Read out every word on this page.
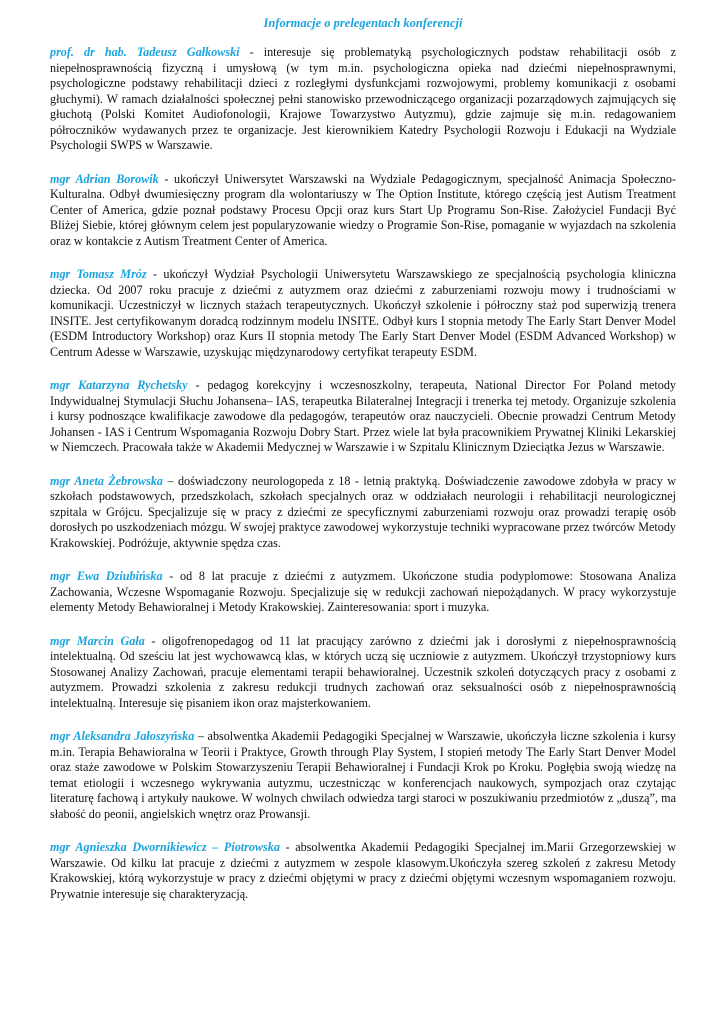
Informacje o prelegentach konferencji

prof. dr hab. Tadeusz Gałkowski - interesuje się problematyką psychologicznych podstaw rehabilitacji osób z niepełnosprawnością fizyczną i umysłową (w tym m.in. psychologiczna opieka nad dziećmi niepełnosprawnymi, psychologiczne podstawy rehabilitacji dzieci z rozległymi dysfunkcjami rozwojowymi, problemy komunikacji z osobami głuchymi). W ramach działalności społecznej pełni stanowisko przewodniczącego organizacji pozarządowych zajmujących się głuchotą (Polski Komitet Audiofonologii, Krajowe Towarzystwo Autyzmu), gdzie zajmuje się m.in. redagowaniem półroczników wydawanych przez te organizacje. Jest kierownikiem Katedry Psychologii Rozwoju i Edukacji na Wydziale Psychologii SWPS w Warszawie.

mgr Adrian Borowik - ukończył Uniwersytet Warszawski na Wydziale Pedagogicznym, specjalność Animacja Społeczno-Kulturalna. Odbył dwumiesięczny program dla wolontariuszy w The Option Institute, którego częścią jest Autism Treatment Center of America, gdzie poznał podstawy Procesu Opcji oraz kurs Start Up Programu Son-Rise. Założyciel Fundacji Być Bliżej Siebie, której głównym celem jest popularyzowanie wiedzy o Programie Son-Rise, pomaganie w wyjazdach na szkolenia oraz w kontakcie z Autism Treatment Center of America.

mgr Tomasz Mróz - ukończył Wydział Psychologii Uniwersytetu Warszawskiego ze specjalnością psychologia kliniczna dziecka. Od 2007 roku pracuje z dziećmi z autyzmem oraz dziećmi z zaburzeniami rozwoju mowy i trudnościami w komunikacji. Uczestniczył w licznych stażach terapeutycznych. Ukończył szkolenie i półroczny staż pod superwizją trenera INSITE. Jest certyfikowanym doradcą rodzinnym modelu INSITE. Odbył kurs I stopnia metody The Early Start Denver Model (ESDM Introductory Workshop) oraz Kurs II stopnia metody The Early Start Denver Model (ESDM Advanced Workshop) w Centrum Adesse w Warszawie, uzyskując międzynarodowy certyfikat terapeuty ESDM.

mgr Katarzyna Rychetsky - pedagog korekcyjny i wczesnoszkolny, terapeuta, National Director For Poland metody Indywidualnej Stymulacji Słuchu Johansena– IAS, terapeutka Bilateralnej Integracji i trenerka tej metody. Organizuje szkolenia i kursy podnoszące kwalifikacje zawodowe dla pedagogów, terapeutów oraz nauczycieli. Obecnie prowadzi Centrum Metody Johansen - IAS i Centrum Wspomagania Rozwoju Dobry Start. Przez wiele lat była pracownikiem Prywatnej Kliniki Lekarskiej w Niemczech. Pracowała także w Akademii Medycznej w Warszawie i w Szpitalu Klinicznym Dzieciątka Jezus w Warszawie.

mgr Aneta Żebrowska – doświadczony neurologopeda z 18 - letnią praktyką. Doświadczenie zawodowe zdobyła w pracy w szkołach podstawowych, przedszkolach, szkołach specjalnych oraz w oddziałach neurologii i rehabilitacji neurologicznej szpitala w Grójcu. Specjalizuje się w pracy z dziećmi ze specyficznymi zaburzeniami rozwoju oraz prowadzi terapię osób dorosłych po uszkodzeniach mózgu. W swojej praktyce zawodowej wykorzystuje techniki wypracowane przez twórców Metody Krakowskiej. Podróżuje, aktywnie spędza czas.

mgr Ewa Dziubińska - od 8 lat pracuje z dziećmi z autyzmem. Ukończone studia podyplomowe: Stosowana Analiza Zachowania, Wczesne Wspomaganie Rozwoju. Specjalizuje się w redukcji zachowań niepożądanych. W pracy wykorzystuje elementy Metody Behawioralnej i Metody Krakowskiej. Zainteresowania: sport i muzyka.

mgr Marcin Gała - oligofrenopedagog od 11 lat pracujący zarówno z dziećmi jak i dorosłymi z niepełnosprawnością intelektualną. Od sześciu lat jest wychowawcą klas, w których uczą się uczniowie z autyzmem. Ukończył trzystopniowy kurs Stosowanej Analizy Zachowań, pracuje elementami terapii behawioralnej. Uczestnik szkoleń dotyczących pracy z osobami z autyzmem. Prowadzi szkolenia z zakresu redukcji trudnych zachowań oraz seksualności osób z niepełnosprawnością intelektualną. Interesuje się pisaniem ikon oraz majsterkowaniem.

mgr Aleksandra Jałoszyńska – absolwentka Akademii Pedagogiki Specjalnej w Warszawie, ukończyła liczne szkolenia i kursy m.in. Terapia Behawioralna w Teorii i Praktyce, Growth through Play System, I stopień metody The Early Start Denver Model oraz staże zawodowe w Polskim Stowarzyszeniu Terapii Behawioralnej i Fundacji Krok po Kroku. Pogłębia swoją wiedzę na temat etiologii i wczesnego wykrywania autyzmu, uczestnicząc w konferencjach naukowych, sympozjach oraz czytając literaturę fachową i artykuły naukowe. W wolnych chwilach odwiedza targi staroci w poszukiwaniu przedmiotów z „duszą”, ma słabość do peonii, angielskich wnętrz oraz Prowansji.

mgr Agnieszka Dwornikiewicz – Piotrowska - absolwentka Akademii Pedagogiki Specjalnej im.Marii Grzegorzewskiej w Warszawie. Od kilku lat pracuje z dziećmi z autyzmem w zespole klasowym.Ukończyła szereg szkoleń z zakresu Metody Krakowskiej, którą wykorzystuje w pracy z dziećmi objętymi w pracy z dziećmi objętymi wczesnym wspomaganiem rozwoju. Prywatnie interesuje się charakteryzacją.
